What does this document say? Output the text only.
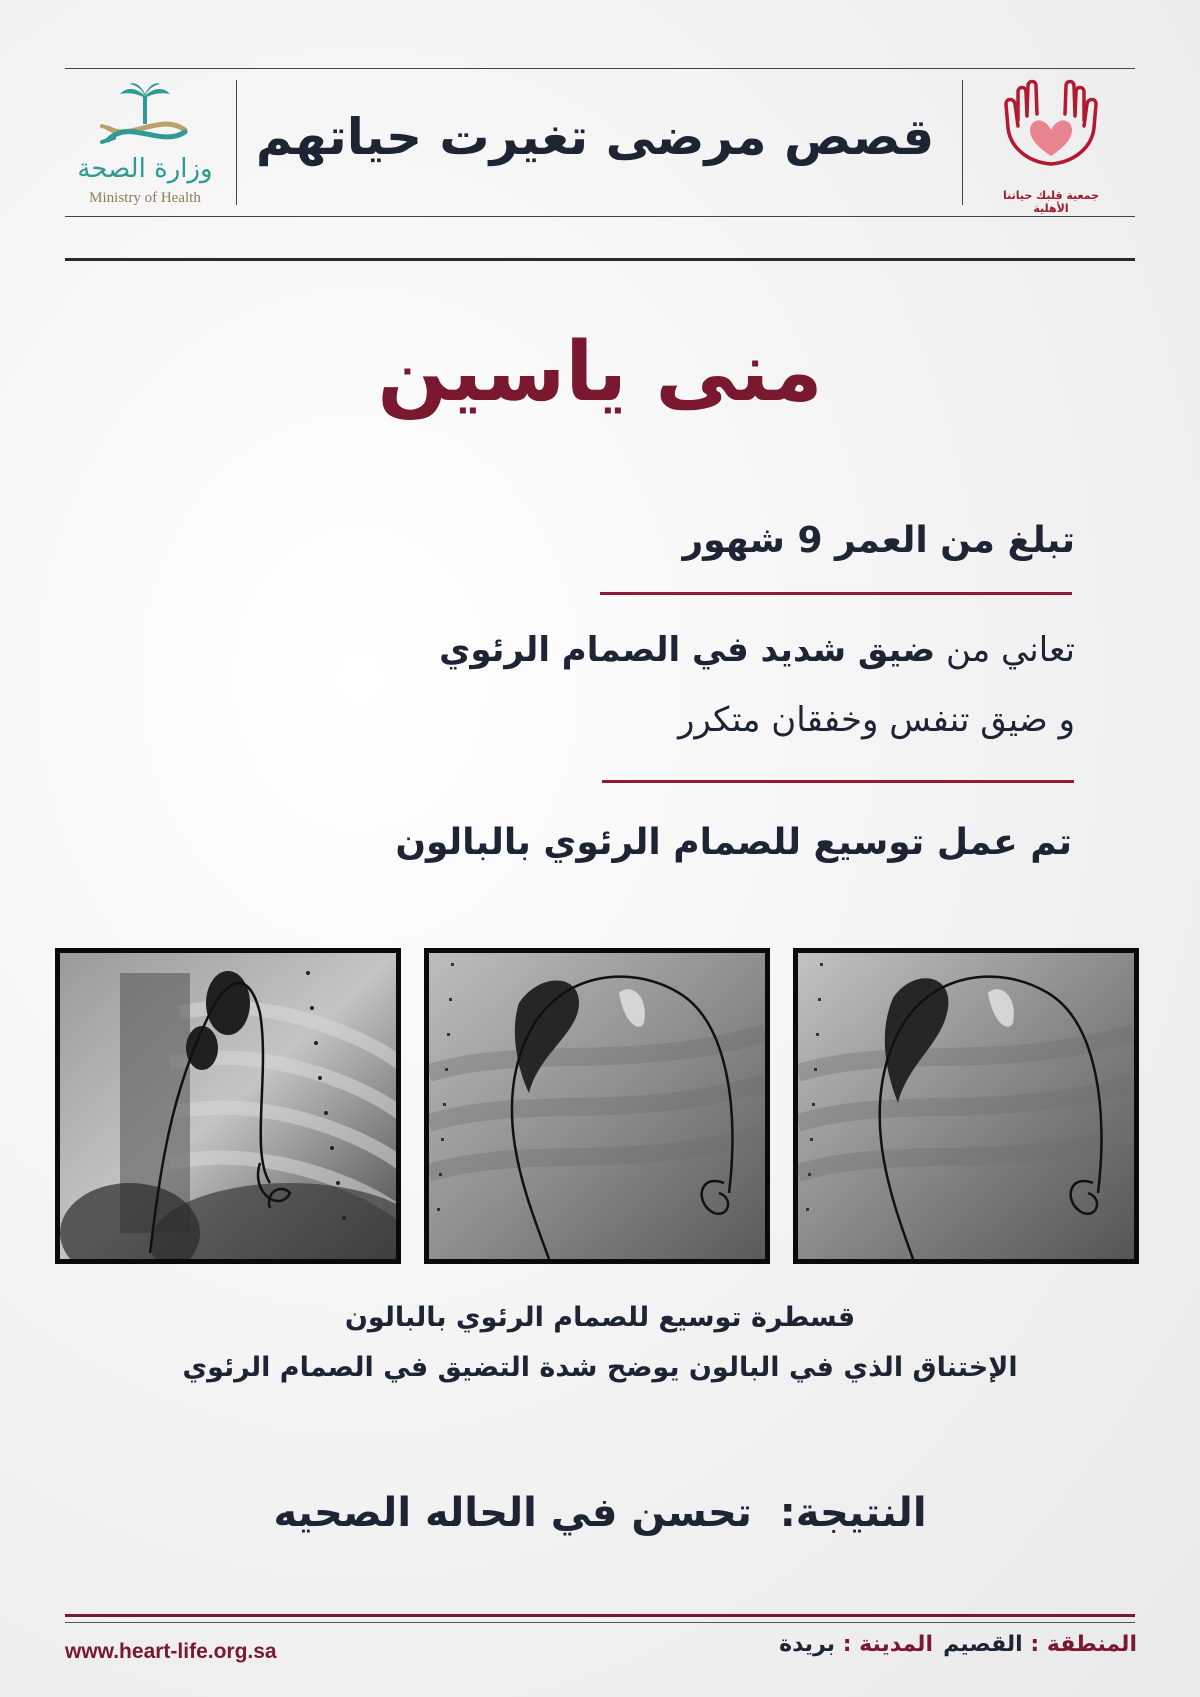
وزارة الصحة
Ministry of Health
قصص مرضى تغيرت حياتهم
جمعية قلبك حياتنا الأهلية
منى ياسين
تبلغ من العمر 9 شهور
تعاني من ضيق شديد في الصمام الرئوي
و ضيق تنفس وخفقان متكرر
تم عمل توسيع للصمام الرئوي بالبالون
قسطرة توسيع للصمام الرئوي بالبالون
الإختناق الذي في البالون يوضح شدة التضيق في الصمام الرئوي
النتيجة:  تحسن في الحاله الصحيه
www.heart-life.org.sa	المنطقة : القصيم
المدينة : بريدة
